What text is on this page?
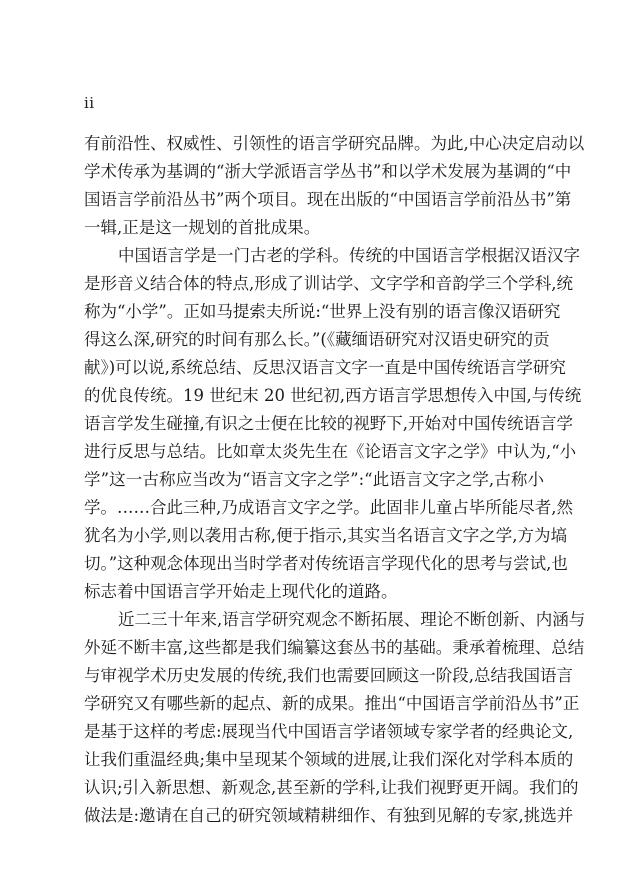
ii

有前沿性、权威性、引领性的语言学研究品牌。为此,中心决定启动以
学术传承为基调的“浙大学派语言学丛书”和以学术发展为基调的“中
国语言学前沿丛书”两个项目。现在出版的“中国语言学前沿丛书”第
一辑,正是这一规划的首批成果。

中国语言学是一门古老的学科。传统的中国语言学根据汉语汉字
是形音义结合体的特点,形成了训诂学、文字学和音韵学三个学科,统
称为“小学”。正如马提索夫所说:“世界上没有别的语言像汉语研究
得这么深,研究的时间有那么长。”(《藏缅语研究对汉语史研究的贡
献》)可以说,系统总结、反思汉语言文字一直是中国传统语言学研究
的优良传统。19 世纪末 20 世纪初,西方语言学思想传入中国,与传统
语言学发生碰撞,有识之士便在比较的视野下,开始对中国传统语言学
进行反思与总结。比如章太炎先生在《论语言文字之学》中认为,“小
学”这一古称应当改为“语言文字之学”:“此语言文字之学,古称小
学。……合此三种,乃成语言文字之学。此固非儿童占毕所能尽者,然
犹名为小学,则以袭用古称,便于指示,其实当名语言文字之学,方为塙
切。”这种观念体现出当时学者对传统语言学现代化的思考与尝试,也
标志着中国语言学开始走上现代化的道路。

近二三十年来,语言学研究观念不断拓展、理论不断创新、内涵与
外延不断丰富,这些都是我们编纂这套丛书的基础。秉承着梳理、总结
与审视学术历史发展的传统,我们也需要回顾这一阶段,总结我国语言
学研究又有哪些新的起点、新的成果。推出“中国语言学前沿丛书”正
是基于这样的考虑:展现当代中国语言学诸领域专家学者的经典论文,
让我们重温经典;集中呈现某个领域的进展,让我们深化对学科本质的
认识;引入新思想、新观念,甚至新的学科,让我们视野更开阔。我们的
做法是:邀请在自己的研究领域精耕细作、有独到见解的专家,挑选并
